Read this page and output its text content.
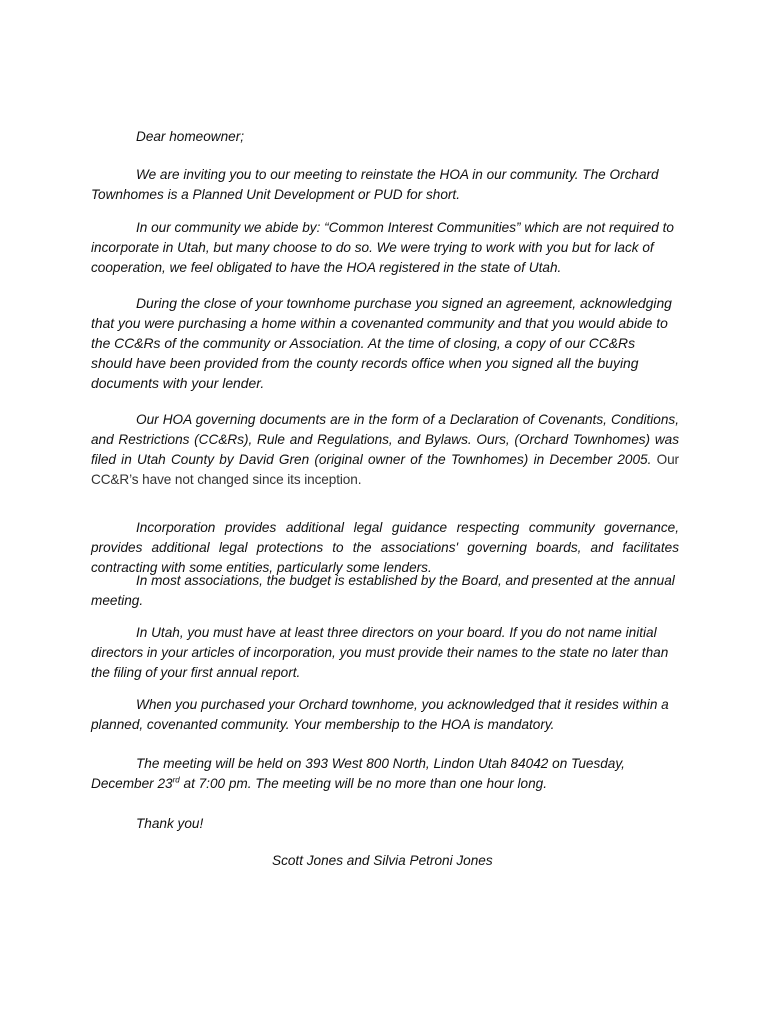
Dear homeowner;

We are inviting you to our meeting to reinstate the HOA in our community. The Orchard Townhomes is a Planned Unit Development or PUD for short.

In our community we abide by: “Common Interest Communities” which are not required to incorporate in Utah, but many choose to do so. We were trying to work with you but for lack of cooperation, we feel obligated to have the HOA registered in the state of Utah.

During the close of your townhome purchase you signed an agreement, acknowledging that you were purchasing a home within a covenanted community and that you would abide to the CC&Rs of the community or Association. At the time of closing, a copy of our CC&Rs should have been provided from the county records office when you signed all the buying documents with your lender.

Our HOA governing documents are in the form of a Declaration of Covenants, Conditions, and Restrictions (CC&Rs), Rule and Regulations, and Bylaws. Ours, (Orchard Townhomes) was filed in Utah County by David Gren (original owner of the Townhomes) in December 2005. Our CC&R’s have not changed since its inception.

Incorporation provides additional legal guidance respecting community governance, provides additional legal protections to the associations' governing boards, and facilitates contracting with some entities, particularly some lenders.

In most associations, the budget is established by the Board, and presented at the annual meeting.

In Utah, you must have at least three directors on your board. If you do not name initial directors in your articles of incorporation, you must provide their names to the state no later than the filing of your first annual report.

When you purchased your Orchard townhome, you acknowledged that it resides within a planned, covenanted community. Your membership to the HOA is mandatory.

The meeting will be held on 393 West 800 North, Lindon Utah 84042 on Tuesday, December 23rd at 7:00 pm. The meeting will be no more than one hour long.

Thank you!

Scott Jones and Silvia Petroni Jones
